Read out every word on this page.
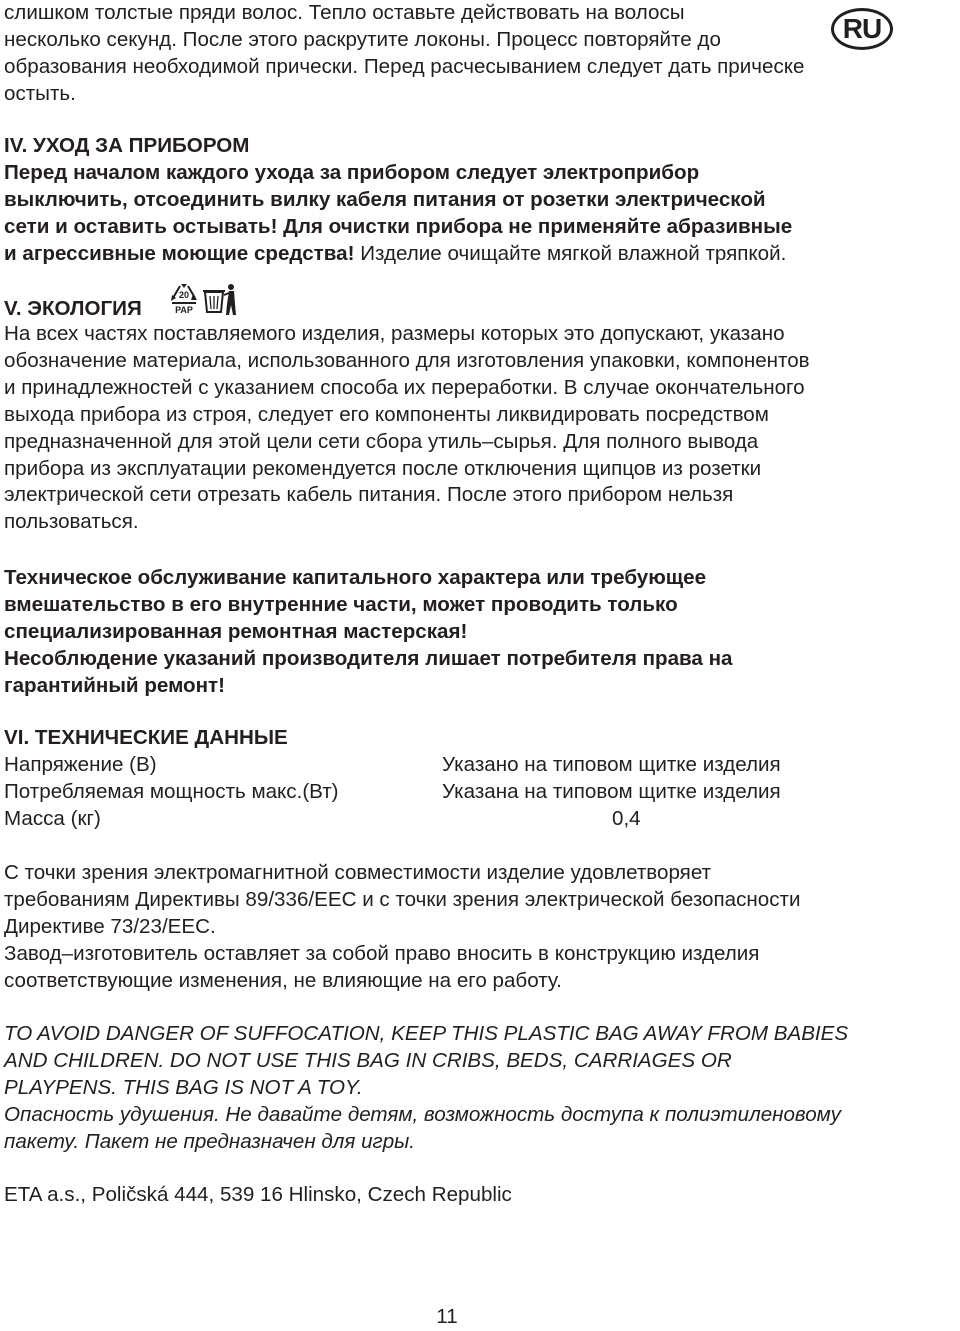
RU
слишком толстые пряди волос. Тепло оставьте действовать на волосы
несколько секунд. После этого раскрутите локоны. Процесс повторяйте до
образования необходимой прически. Перед расчесыванием следует дать прическе
остыть.
IV. УХОД ЗА ПРИБОРОМ
Перед началом каждого ухода за прибором следует электроприбор
выключить, отсоединить вилку кабеля питания от розетки электрической
сети и оставить остывать! Для очистки прибора не применяйте абразивные
и агрессивные моющие средства! Изделие очищайте мягкой влажной тряпкой.
V. ЭКОЛОГИЯ
20
PAP
На всех частях поставляемого изделия, размеры которых это допускают, указано
обозначение материала, использованного для изготовления упаковки, компонентов
и принадлежностей с указанием способа их переработки. В случае окончательного
выхода прибора из строя, следует его компоненты ликвидировать посредством
предназначенной для этой цели сети сбора утиль–сырья. Для полного вывода
прибора из эксплуатации рекомендуется после отключения щипцов из розетки
электрической сети отрезать кабель питания. После этого прибором нельзя
пользоваться.
Техническое обслуживание капитального характера или требующее
вмешательство в его внутренние части, может проводить только
специализированная ремонтная мастерская!
Несоблюдение указаний производителя лишает потребителя права на
гарантийный ремонт!
VI. ТЕХНИЧЕСКИЕ ДАННЫЕ
Напряжение (В)	Указано на типовом щитке изделия
Потребляемая мощность макс.(Вт)	Указана на типовом щитке изделия
Масса (кг)	0,4
С точки зрения электромагнитной совместимости изделие удовлетворяет
требованиям Директивы 89/336/EEC и с точки зрения электрической безопасности
Директиве 73/23/EEC.
Завод–изготовитель оставляет за собой право вносить в конструкцию изделия
соответствующие изменения, не влияющие на его работу.
TO AVOID DANGER OF SUFFOCATION, KEEP THIS PLASTIC BAG AWAY FROM BABIES
AND CHILDREN. DO NOT USE THIS BAG IN CRIBS, BEDS, CARRIAGES OR
PLAYPENS. THIS BAG IS NOT A TOY.
Опасность удушения. Не давайте детям, возможность доступа к полиэтиленовому
пакету. Пакет не предназначен для игры.
ETA a.s., Poličská 444, 539 16 Hlinsko, Czech Republic
11
